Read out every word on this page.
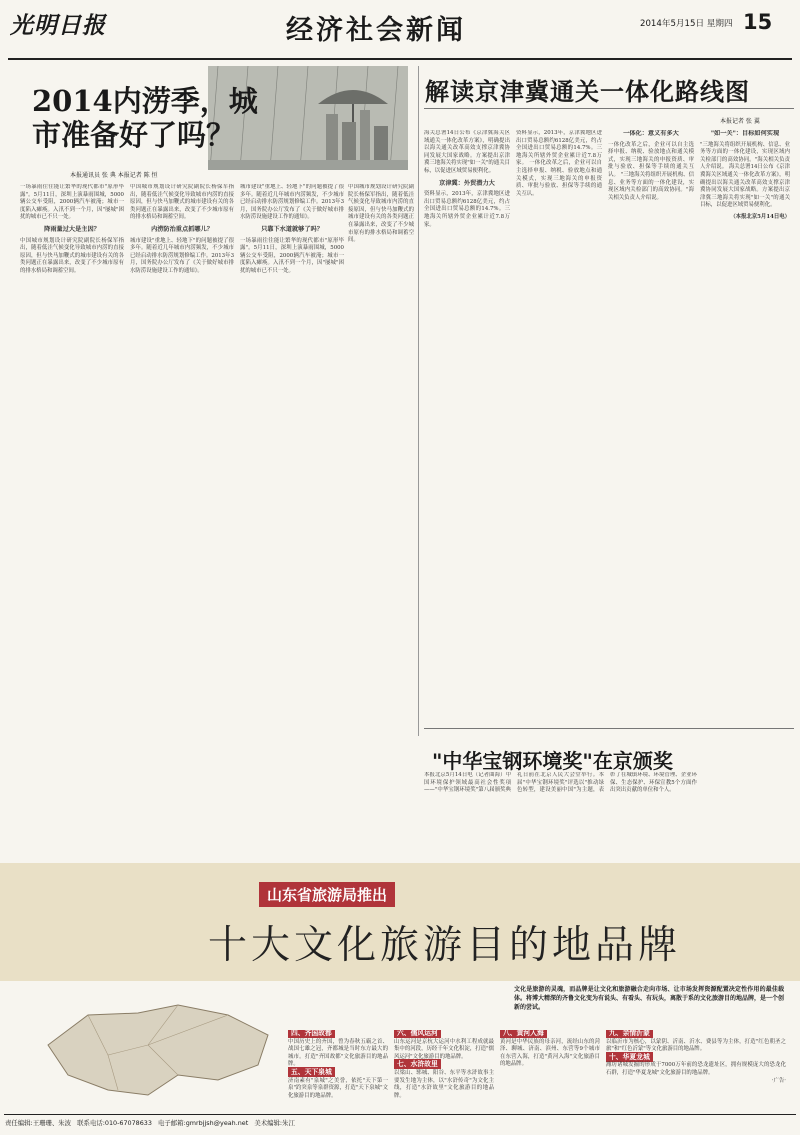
光明日报	经济社会新闻	2014年5月15日 星期四 15
2014内涝季，城市准备好了吗？
本报通讯员 张 典 本报记者 陈 恒
一场暴雨往往能让繁华的现代都市"原形毕露"。5月11日，深圳上演暴雨围城，5000辆公交车受阻，2000辆汽车被淹；城市一度陷入瘫痪。入汛不到一个月，因"屡城"困扰的城市已不只一处。
降雨量过大是主因？
中国城市规划设计研究院副院长杨保军指出，随着低洼气候变化导致城市内涝的直接原因，但与快马加鞭式的城市建设有关的各类问题正在暴露出来，改变了不少城市原有的排水格局和调蓄空间。
中国城市规划设计研究院副院长杨保军指出，随着低洼气候变化导致城市内涝的直接原因，但与快马加鞭式的城市建设有关的各类问题正在暴露出来，改变了不少城市原有的排水格局和调蓄空间。
内涝防治重点抓哪儿？
城市建设"重地上、轻地下"的问题被提了很多年。随着近几年城市内涝频发，不少城市已经启动排水防涝规划修编工作。2013年3月，国务院办公厅发布了《关于做好城市排水防涝设施建设工作的通知》。
城市建设"重地上、轻地下"的问题被提了很多年。随着近几年城市内涝频发，不少城市已经启动排水防涝规划修编工作。2013年3月，国务院办公厅发布了《关于做好城市排水防涝设施建设工作的通知》。
只靠下水道就够了吗？
一场暴雨往往能让繁华的现代都市"原形毕露"。5月11日，深圳上演暴雨围城，5000辆公交车受阻，2000辆汽车被淹；城市一度陷入瘫痪。入汛不到一个月，因"屡城"困扰的城市已不只一处。
中国城市规划设计研究院副院长杨保军指出，随着低洼气候变化导致城市内涝的直接原因，但与快马加鞭式的城市建设有关的各类问题正在暴露出来，改变了不少城市原有的排水格局和调蓄空间。
解读京津冀通关一体化路线图
本报记者 张 翼
海关总署14日公布《京津冀海关区域通关一体化改革方案》，明确提出以海关通关改革高效支撑京津冀协同发展大国家战略。方案提出京津冀三地海关将实现"如一关"的通关目标，以促进区域贸易便利化。
京津冀：外贸潜力大
资料显示，2013年，京津冀地区进出口贸易总额约6128亿美元，约占全国进出口贸易总额的14.7%。三地海关所辖外贸企业累计近7.8万家。
资料显示，2013年，京津冀地区进出口贸易总额约6128亿美元，约占全国进出口贸易总额的14.7%。三地海关所辖外贸企业累计近7.8万家。 一体化改革之后，企业可以自主选择申报、纳税、验放地点和通关模式，实现三地海关的申报资质、审批与验放、担保等手续的通关互认。
一体化：意义有多大
一体化改革之后，企业可以自主选择申报、纳税、验放地点和通关模式，实现三地海关的申报资质、审批与验放、担保等手续的通关互认。 "三地海关将组织开展机构、信息、业务等方面的一体化建设，实现区域内关检部门的高效协同。"海关相关负责人介绍说。
"如一关"：目标如何实现
"三地海关将组织开展机构、信息、业务等方面的一体化建设，实现区域内关检部门的高效协同。"海关相关负责人介绍说。 海关总署14日公布《京津冀海关区域通关一体化改革方案》，明确提出以海关通关改革高效支撑京津冀协同发展大国家战略。方案提出京津冀三地海关将实现"如一关"的通关目标，以促进区域贸易便利化。
（本报北京5月14日电）
"中华宝钢环境奖"在京颁奖
本报北京5月14日电（记者曲海）中国环境保护领域最高社会性奖项——"中华宝钢环境奖"第八届颁奖典礼日前在北京人民大会堂举行。本届"中华宝钢环境奖"评选以"推动绿色转型，建设美丽中国"为主题，表彰了在城镇环境、环境管理、企业环保、生态保护、环保宣教5个方面作出突出贡献的单位和个人。
山东省旅游局推出
十大文化旅游目的地品牌
文化是旅游的灵魂，而品牌是让文化和旅游融合走向市场、让市场发挥资源配置决定性作用的最佳载体。将博大精深的齐鲁文化变为有说头、有看头、有玩头，离散于系的文化旅游目的地品牌，是一个创新的尝试。
责任编辑:王珊珊、朱波 联系电话:010-67078633 电子邮箱:gmrbjjsh@yeah.net 美术编辑:朱江
四、齐国故都
中国历史上的齐国，曾为春秋五霸之首、战国七雄之冠，齐都城是当时东方最大的城市。打造"齐国故都"文化旅游目的地品牌。
五、天下泉城
济南素有"泉城"之美誉，依托"天下第一泉"趵突泉等泉群资源，打造"天下泉城"文化旅游目的地品牌。
六、儒风运河
山东运河是京杭大运河中水利工程成就最集中的河段，历经千年文化积淀，打造"儒风运河"文化旅游目的地品牌。
七、水浒故里
以梁山、郓城、阳谷、东平等水浒故事主要发生地为主体，以"水浒传奇"为文化主线，打造"水浒故里"文化旅游目的地品牌。
八、黄河入海
黄河是中华民族的母亲河，流经山东的菏泽、聊城、济南、滨州、东营等9个城市在东营入海，打造"黄河入海"文化旅游目的地品牌。
九、亲情沂蒙
以临沂市为核心，以蒙阴、沂南、沂水、费县等为主体，打造"红色朝圣之旅"和"红色沂蒙"等文化旅游目的地品牌。
十、华夏龙城
潍坊诸城发掘的形成于7000万年前的恐龙遗址区，拥有规模庞大的恐龙化石群，打造"华夏龙城"文化旅游目的地品牌。
·广告·
